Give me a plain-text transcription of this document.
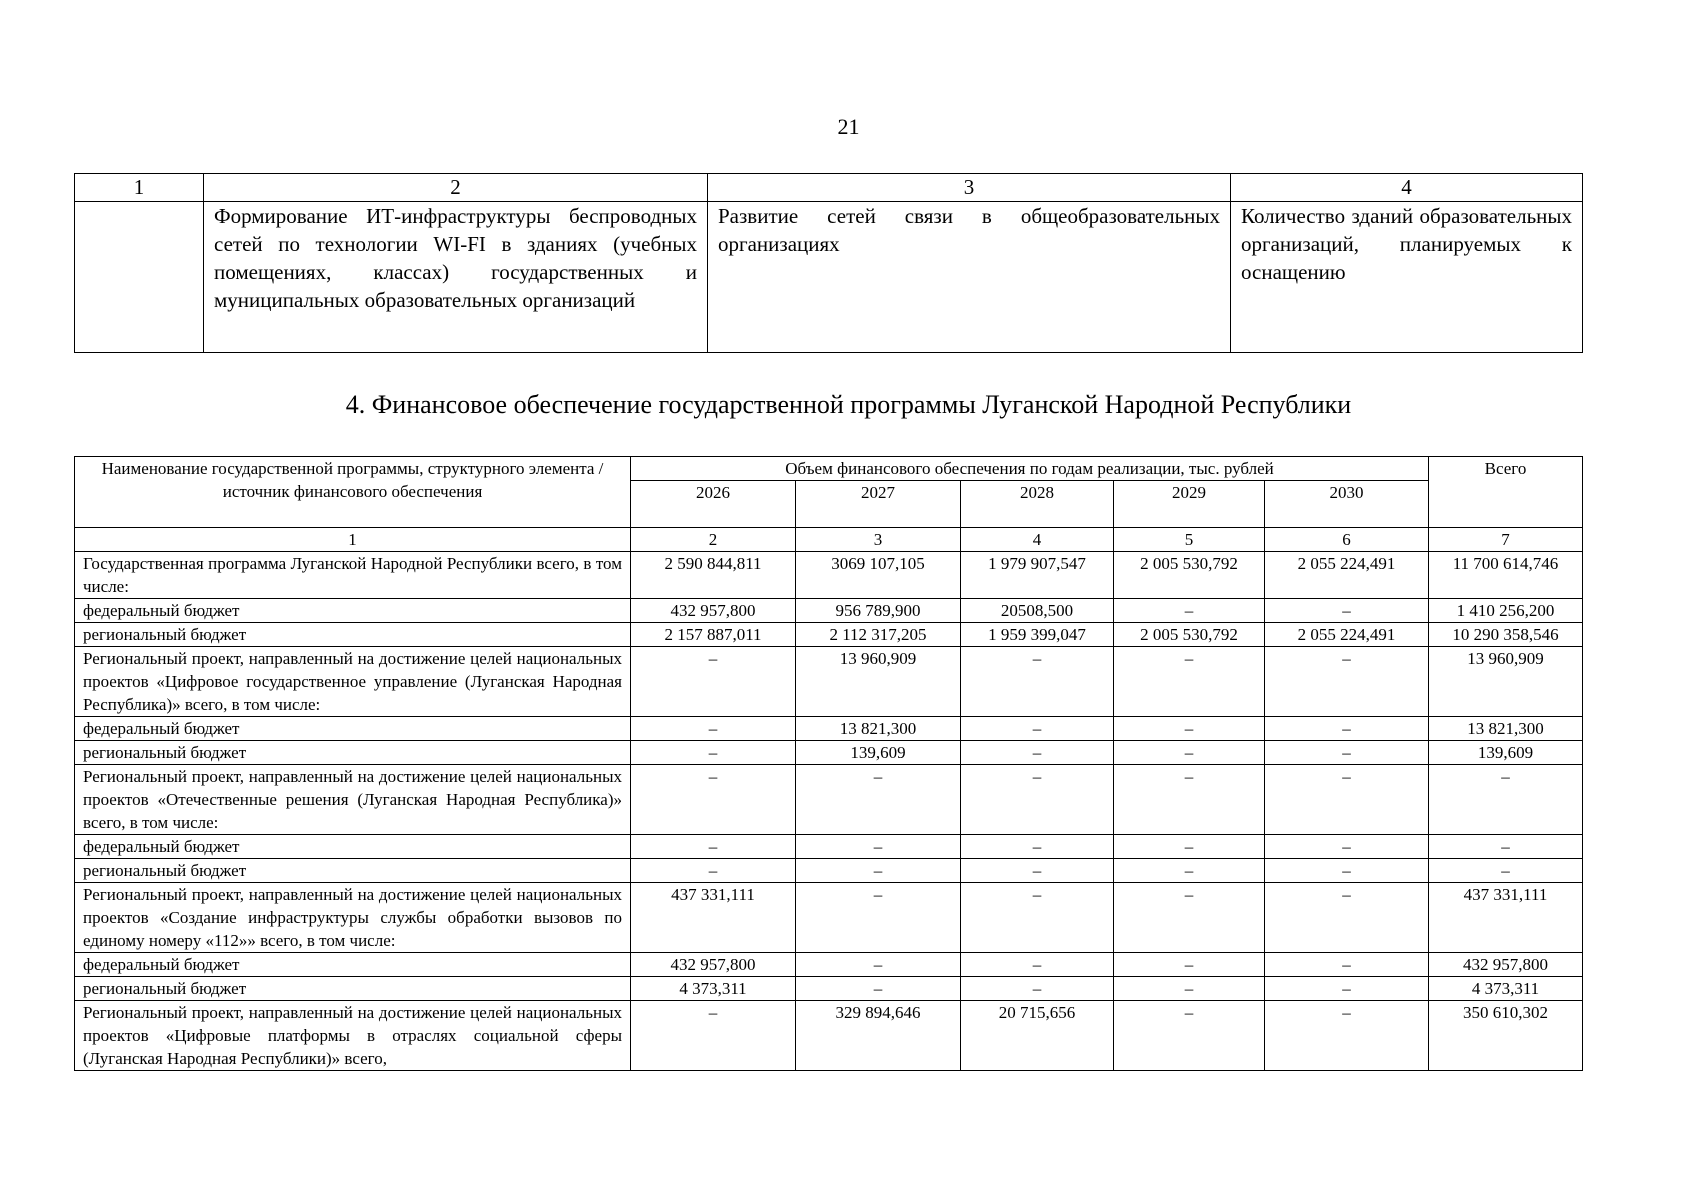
21
1	2	3	4
	Формирование ИТ-инфраструктуры беспроводных сетей по технологии WI-FI в зданиях (учебных помещениях, классах) государственных и муниципальных образовательных организаций	Развитие сетей связи в общеобразовательных организациях	Количество зданий образовательных организаций, планируемых к оснащению
4. Финансовое обеспечение государственной программы Луганской Народной Республики
Наименование государственной программы, структурного элемента / источник финансового обеспечения	Объем финансового обеспечения по годам реализации, тыс. рублей					Всего
	2026	2027	2028	2029	2030	
1	2	3	4	5	6	7
Государственная программа Луганской Народной Республики всего, в том числе:	2 590 844,811	3069 107,105	1 979 907,547	2 005 530,792	2 055 224,491	11 700 614,746
федеральный бюджет	432 957,800	956 789,900	20508,500	–	–	1 410 256,200
региональный бюджет	2 157 887,011	2 112 317,205	1 959 399,047	2 005 530,792	2 055 224,491	10 290 358,546
Региональный проект, направленный на достижение целей национальных проектов «Цифровое государственное управление (Луганская Народная Республика)» всего, в том числе:	–	13 960,909	–	–	–	13 960,909
федеральный бюджет	–	13 821,300	–	–	–	13 821,300
региональный бюджет	–	139,609	–	–	–	139,609
Региональный проект, направленный на достижение целей национальных проектов «Отечественные решения (Луганская Народная Республика)» всего, в том числе:	–	–	–	–	–	–
федеральный бюджет	–	–	–	–	–	–
региональный бюджет	–	–	–	–	–	–
Региональный проект, направленный на достижение целей национальных проектов «Создание инфраструктуры службы обработки вызовов по единому номеру «112»» всего, в том числе:	437 331,111	–	–	–	–	437 331,111
федеральный бюджет	432 957,800	–	–	–	–	432 957,800
региональный бюджет	4 373,311	–	–	–	–	4 373,311
Региональный проект, направленный на достижение целей национальных проектов «Цифровые платформы в отраслях социальной сферы (Луганская Народная Республики)» всего,	–	329 894,646	20 715,656	–	–	350 610,302
